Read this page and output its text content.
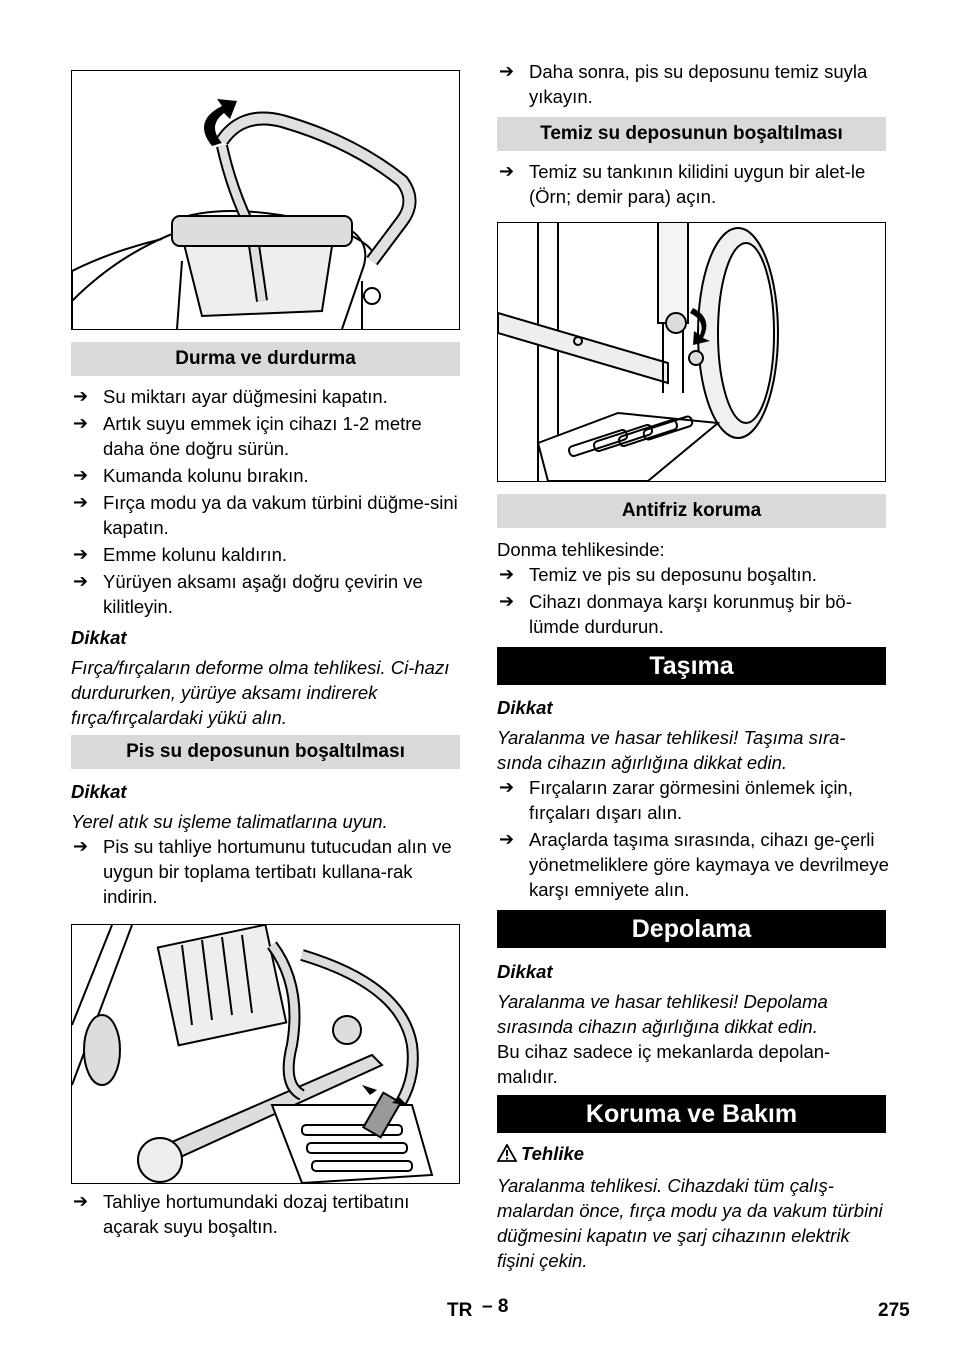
Durma ve durdurma
➔ Su miktarı ayar düğmesini kapatın.
➔ Artık suyu emmek için cihazı 1-2 metre daha öne doğru sürün.
➔ Kumanda kolunu bırakın.
➔ Fırça modu ya da vakum türbini düğme-sini kapatın.
➔ Emme kolunu kaldırın.
➔ Yürüyen aksamı aşağı doğru çevirin ve kilitleyin.
Dikkat
Fırça/fırçaların deforme olma tehlikesi. Ci-hazı durdururken, yürüye aksamı indirerek fırça/fırçalardaki yükü alın.
Pis su deposunun boşaltılması
Dikkat
Yerel atık su işleme talimatlarına uyun.
➔ Pis su tahliye hortumunu tutucudan alın ve uygun bir toplama tertibatı kullana-rak indirin.
➔ Tahliye hortumundaki dozaj tertibatını açarak suyu boşaltın.
➔ Daha sonra, pis su deposunu temiz suyla yıkayın.
Temiz su deposunun boşaltılması
➔ Temiz su tankının kilidini uygun bir alet-le (Örn; demir para) açın.
Antifriz koruma
Donma tehlikesinde:
➔ Temiz ve pis su deposunu boşaltın.
➔ Cihazı donmaya karşı korunmuş bir bö-lümde durdurun.
Taşıma
Dikkat
Yaralanma ve hasar tehlikesi! Taşıma sıra-sında cihazın ağırlığına dikkat edin.
➔ Fırçaların zarar görmesini önlemek için, fırçaları dışarı alın.
➔ Araçlarda taşıma sırasında, cihazı ge-çerli yönetmeliklere göre kaymaya ve devrilmeye karşı emniyete alın.
Depolama
Dikkat
Yaralanma ve hasar tehlikesi! Depolama sırasında cihazın ağırlığına dikkat edin.
Bu cihaz sadece iç mekanlarda depolan-malıdır.
Koruma ve Bakım
Tehlike
Yaralanma tehlikesi. Cihazdaki tüm çalış-malardan önce, fırça modu ya da vakum türbini düğmesini kapatın ve şarj cihazının elektrik fişini çekin.
TR – 8	275
